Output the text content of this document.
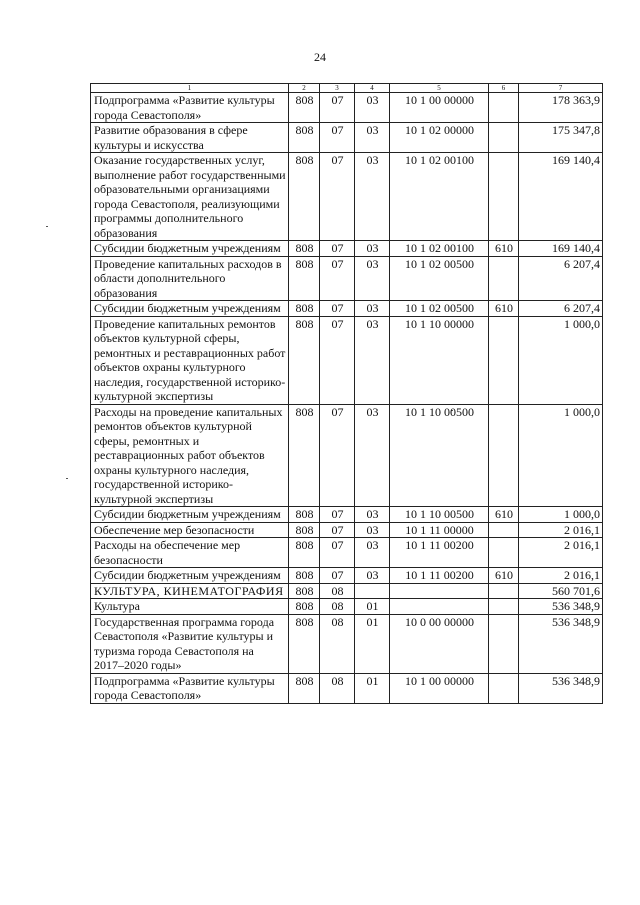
24
1	2	3	4	5	6	7
Подпрограмма «Развитие культуры города Севастополя»	808	07	03	10 1 00 00000		178 363,9
Развитие образования в сфере культуры и искусства	808	07	03	10 1 02 00000		175 347,8
Оказание государственных услуг, выполнение работ государственными образовательными организациями города Севастополя, реализующими программы дополнительного образования	808	07	03	10 1 02 00100		169 140,4
Субсидии бюджетным учреждениям	808	07	03	10 1 02 00100	610	169 140,4
Проведение капитальных расходов в области дополнительного образования	808	07	03	10 1 02 00500		6 207,4
Субсидии бюджетным учреждениям	808	07	03	10 1 02 00500	610	6 207,4
Проведение капитальных ремонтов объектов культурной сферы, ремонтных и реставрационных работ объектов охраны культурного наследия, государственной историко-культурной экспертизы	808	07	03	10 1 10 00000		1 000,0
Расходы на проведение капитальных ремонтов объектов культурной сферы, ремонтных и реставрационных работ объектов охраны культурного наследия, государственной историко-культурной экспертизы	808	07	03	10 1 10 00500		1 000,0
Субсидии бюджетным учреждениям	808	07	03	10 1 10 00500	610	1 000,0
Обеспечение мер безопасности	808	07	03	10 1 11 00000		2 016,1
Расходы на обеспечение мер безопасности	808	07	03	10 1 11 00200		2 016,1
Субсидии бюджетным учреждениям	808	07	03	10 1 11 00200	610	2 016,1
КУЛЬТУРА, КИНЕМАТОГРАФИЯ	808	08				560 701,6
Культура	808	08	01			536 348,9
Государственная программа города Севастополя «Развитие культуры и туризма города Севастополя на 2017–2020 годы»	808	08	01	10 0 00 00000		536 348,9
Подпрограмма «Развитие культуры города Севастополя»	808	08	01	10 1 00 00000		536 348,9
